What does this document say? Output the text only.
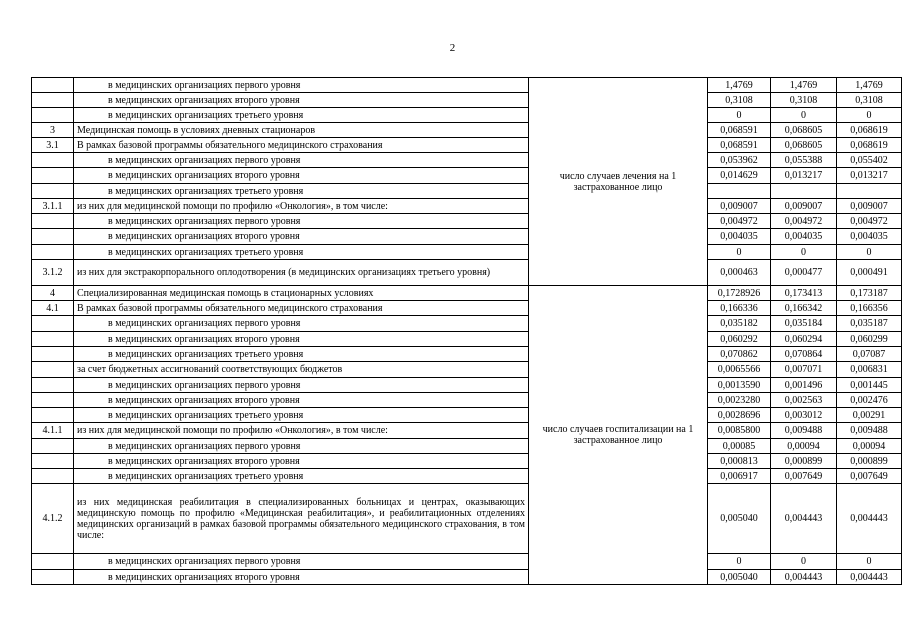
2
	в медицинских организациях первого уровня	число случаев лечения на 1 застрахованное лицо	1,4769	1,4769	1,4769
	в медицинских организациях второго уровня		0,3108	0,3108	0,3108
	в медицинских организациях третьего уровня		0	0	0
3	Медицинская помощь в условиях дневных стационаров		0,068591	0,068605	0,068619
3.1	В рамках базовой программы обязательного медицинского страхования		0,068591	0,068605	0,068619
	в медицинских организациях первого уровня		0,053962	0,055388	0,055402
	в медицинских организациях второго уровня		0,014629	0,013217	0,013217
	в медицинских организациях третьего уровня				
3.1.1	из них для медицинской помощи по профилю «Онкология», в том числе:		0,009007	0,009007	0,009007
	в медицинских организациях первого уровня		0,004972	0,004972	0,004972
	в медицинских организациях второго уровня		0,004035	0,004035	0,004035
	в медицинских организациях третьего уровня		0	0	0
3.1.2	из них для экстракорпорального оплодотворения (в медицинских организациях третьего уровня)		0,000463	0,000477	0,000491
4	Специализированная медицинская помощь в стационарных условиях	число случаев госпитализации на 1 застрахованное лицо	0,1728926	0,173413	0,173187
4.1	В рамках базовой программы обязательного медицинского страхования		0,166336	0,166342	0,166356
	в медицинских организациях первого уровня		0,035182	0,035184	0,035187
	в медицинских организациях второго уровня		0,060292	0,060294	0,060299
	в медицинских организациях третьего уровня		0,070862	0,070864	0,07087
	за счет бюджетных ассигнований соответствующих бюджетов		0,0065566	0,007071	0,006831
	в медицинских организациях первого уровня		0,0013590	0,001496	0,001445
	в медицинских организациях второго уровня		0,0023280	0,002563	0,002476
	в медицинских организациях третьего уровня		0,0028696	0,003012	0,00291
4.1.1	из них для медицинской помощи по профилю «Онкология», в том числе:		0,0085800	0,009488	0,009488
	в медицинских организациях первого уровня		0,00085	0,00094	0,00094
	в медицинских организациях второго уровня		0,000813	0,000899	0,000899
	в медицинских организациях третьего уровня		0,006917	0,007649	0,007649
4.1.2	из них медицинская реабилитация в специализированных больницах и центрах, оказывающих медицинскую помощь по профилю «Медицинская реабилитация», и реабилитационных отделениях медицинских организаций в рамках базовой программы обязательного медицинского страхования, в том числе:		0,005040	0,004443	0,004443
	в медицинских организациях первого уровня		0	0	0
	в медицинских организациях второго уровня		0,005040	0,004443	0,004443
